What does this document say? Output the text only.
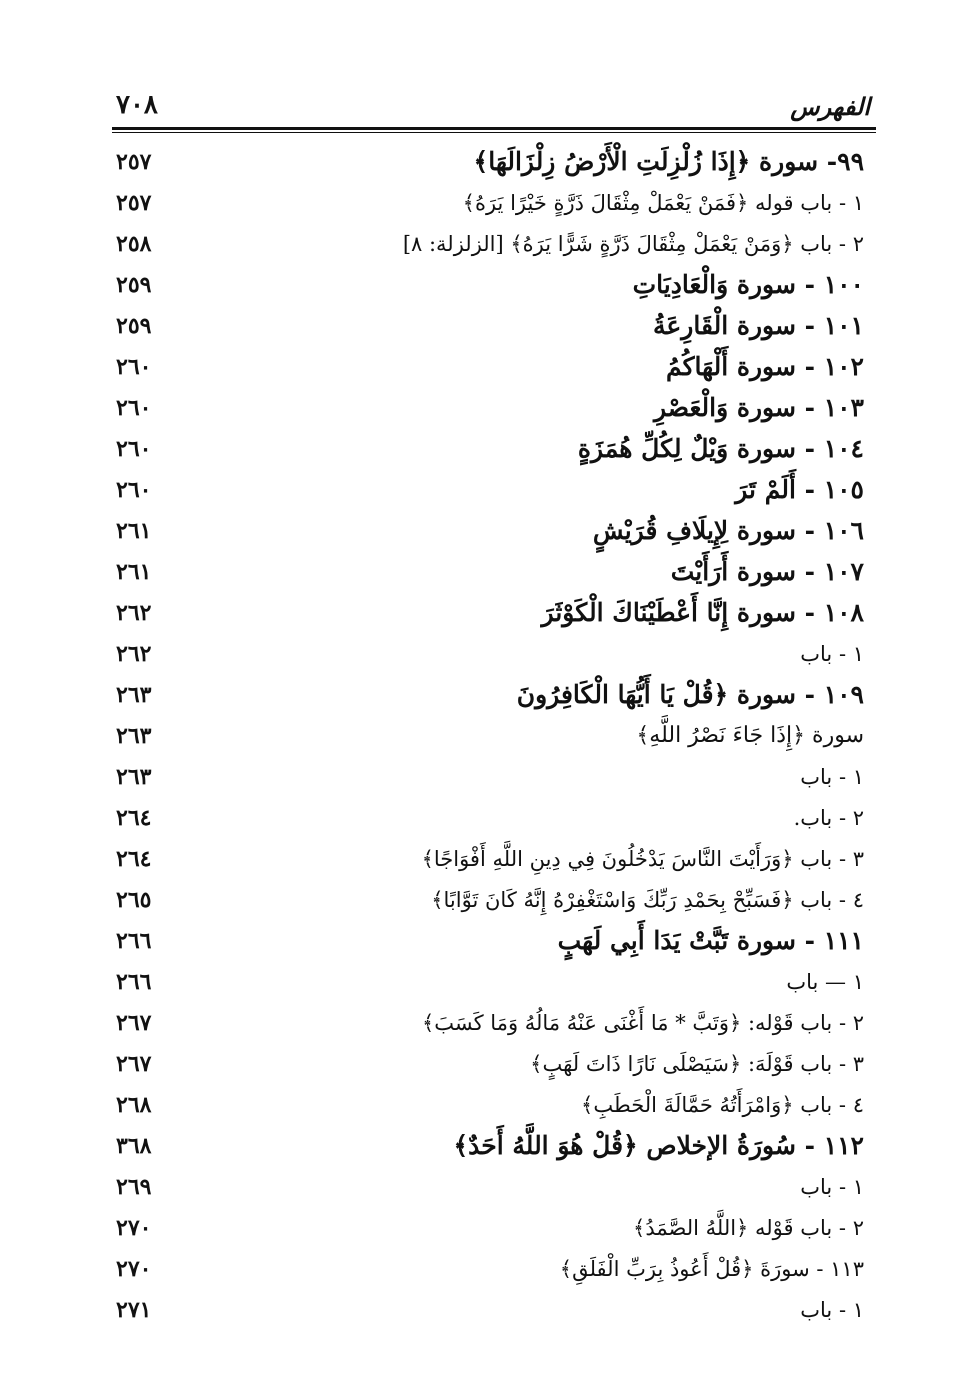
٧٠٨	الفهرس
٩٩- سورة ﴿إِذَا زُلْزِلَتِ الْأَرْضُ زِلْزَالَهَا﴾
٢٥٧
١ - باب قوله ﴿فَمَنْ يَعْمَلْ مِثْقَالَ ذَرَّةٍ خَيْرًا يَرَهُ﴾
٢٥٧
٢ - باب ﴿وَمَنْ يَعْمَلْ مِثْقَالَ ذَرَّةٍ شَرًّا يَرَهُ﴾ [الزلزلة: ٨]
٢٥٨
١٠٠ - سورة وَالْعَادِيَاتِ
٢٥٩
١٠١ - سورة الْقَارِعَةُ
٢٥٩
١٠٢ - سورة أَلْهَاكُمُ
٢٦٠
١٠٣ - سورة وَالْعَصْرِ
٢٦٠
١٠٤ - سورة وَيْلٌ لِكُلِّ هُمَزَةٍ
٢٦٠
١٠٥ - أَلَمْ تَرَ
٢٦٠
١٠٦ - سورة لِإِيلَافِ قُرَيْشٍ
٢٦١
١٠٧ - سورة أَرَأَيْتَ
٢٦١
١٠٨ - سورة إِنَّا أَعْطَيْنَاكَ الْكَوْثَرَ
٢٦٢
١ - باب
٢٦٢
١٠٩ - سورة ﴿قُلْ يَا أَيُّهَا الْكَافِرُونَ
٢٦٣
سورة ﴿إِذَا جَاءَ نَصْرُ اللَّهِ﴾
٢٦٣
١ - باب
٢٦٣
٢ - باب.
٢٦٤
٣ - باب ﴿وَرَأَيْتَ النَّاسَ يَدْخُلُونَ فِي دِينِ اللَّهِ أَفْوَاجًا﴾
٢٦٤
٤ - باب ﴿فَسَبِّحْ بِحَمْدِ رَبِّكَ وَاسْتَغْفِرْهُ إِنَّهُ كَانَ تَوَّابًا﴾
٢٦٥
١١١ - سورة تَبَّتْ يَدَا أَبِي لَهَبٍ
٢٦٦
١ — باب
٢٦٦
٢ - باب قَوْله: ﴿وَتَبَّ * مَا أَغْنَى عَنْهُ مَالُهُ وَمَا كَسَبَ﴾
٢٦٧
٣ - باب قَوْلَهَ: ﴿سَيَصْلَى نَارًا ذَاتَ لَهَبٍ﴾
٢٦٧
٤ - باب ﴿وَامْرَأَتُهُ حَمَّالَةَ الْحَطَبِ﴾
٢٦٨
١١٢ - سُورَةُ الإخلاص ﴿قُلْ هُوَ اللَّهُ أَحَدٌ﴾
٣٦٨
١ - باب
٢٦٩
٢ - باب قَوْله ﴿اللَّهُ الصَّمَدُ﴾
٢٧٠
١١٣ - سورَةَ ﴿قُلْ أَعُوذُ بِرَبِّ الْفَلَقِ﴾
٢٧٠
١ - باب
٢٧١
